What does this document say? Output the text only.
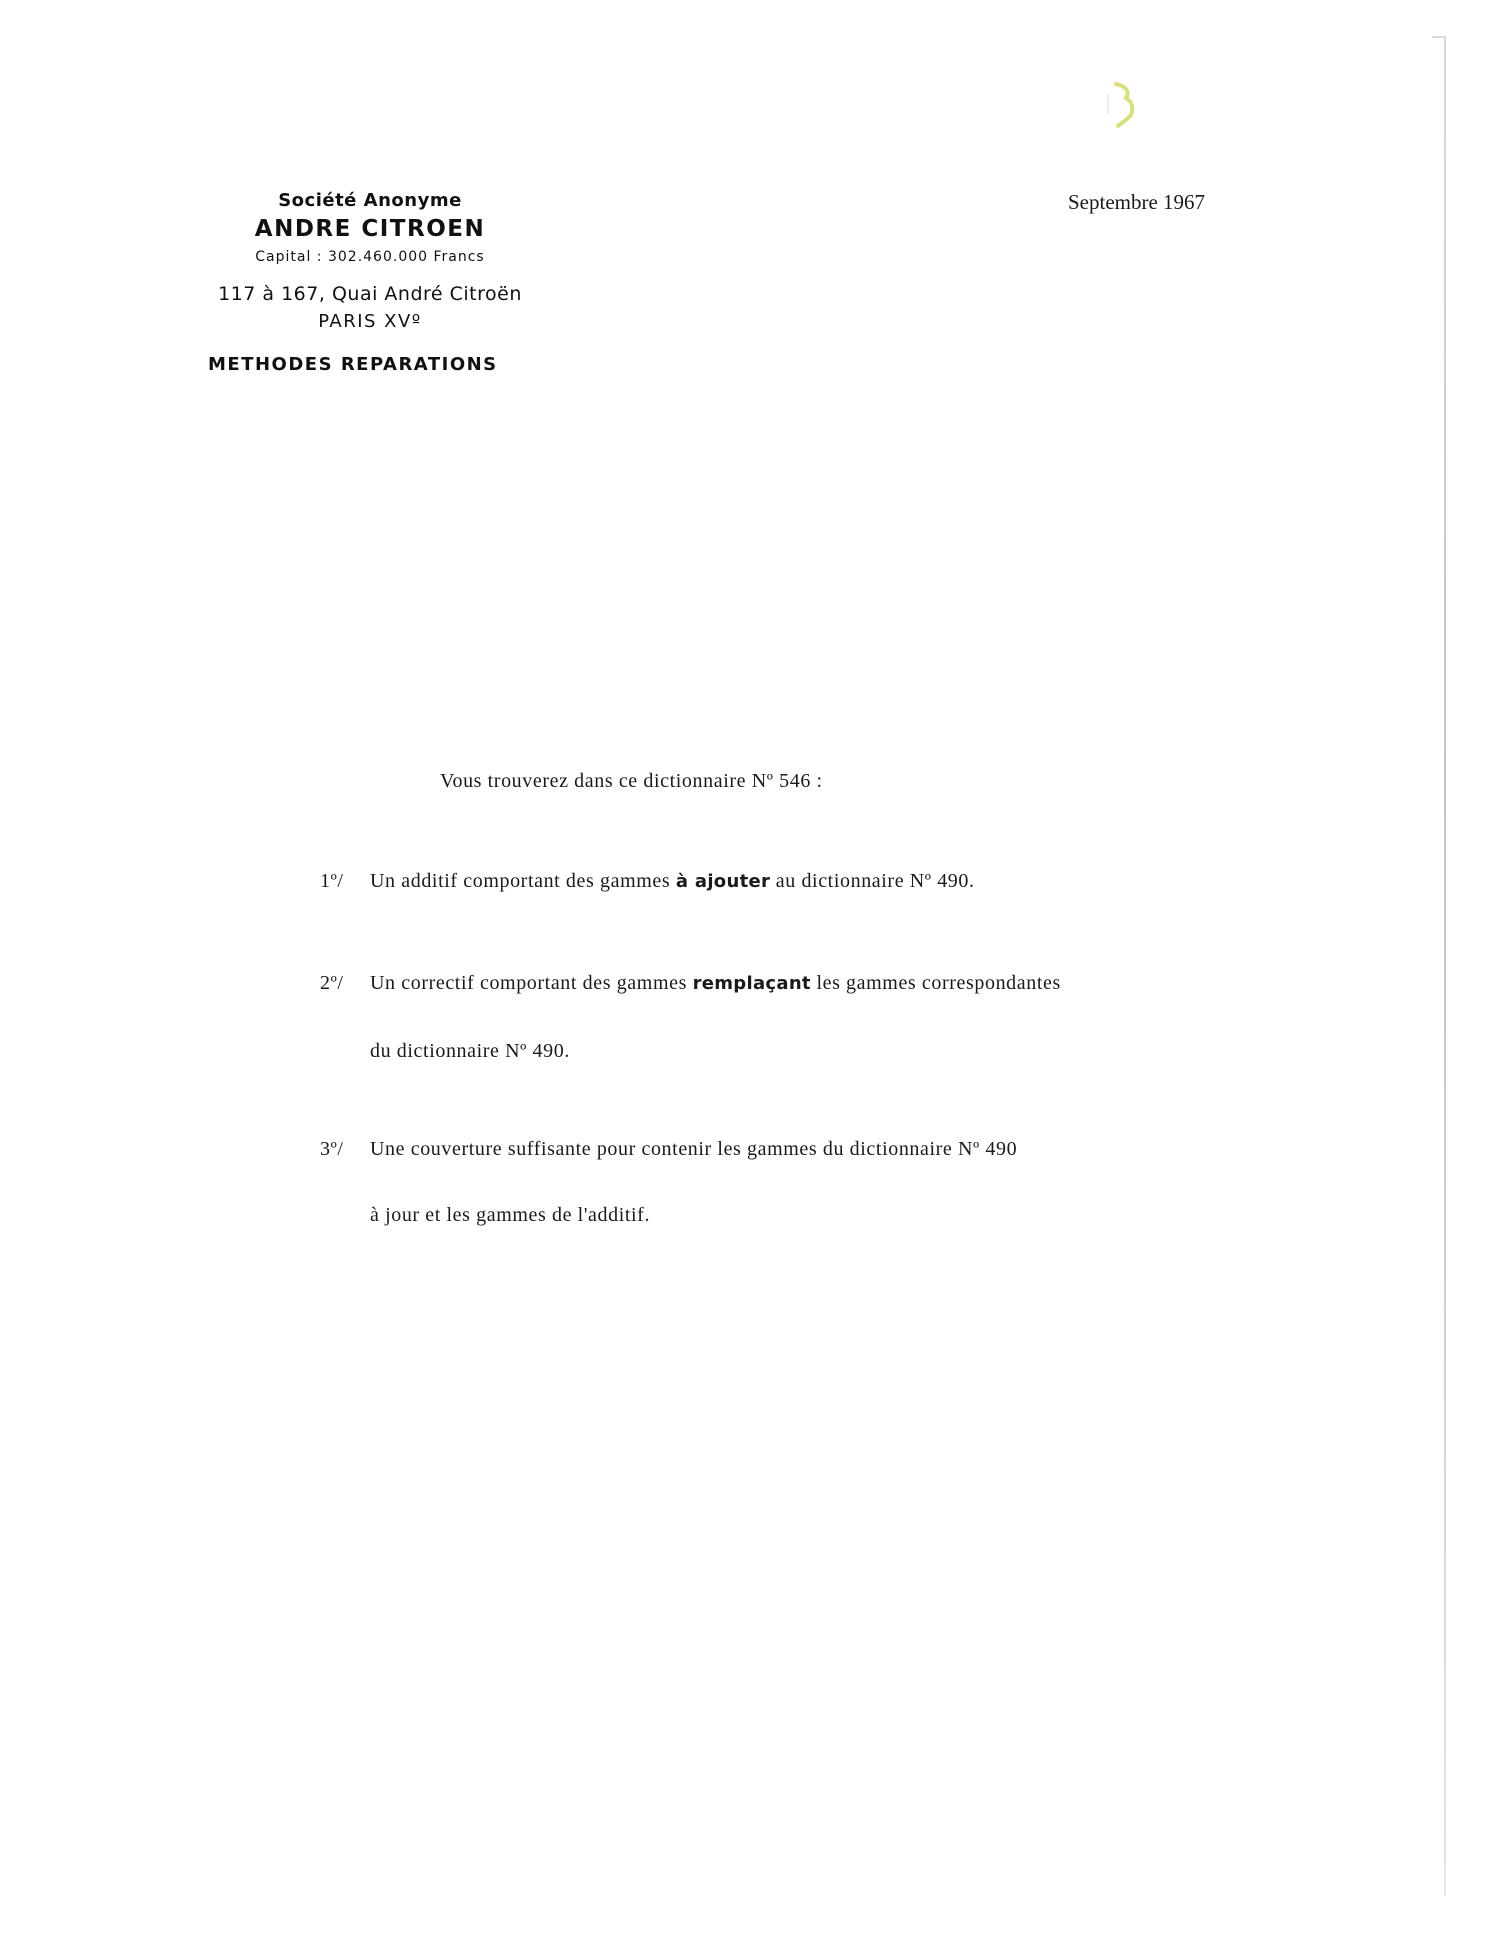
Société Anonyme
ANDRE CITROEN
Capital : 302.460.000 Francs
117 à 167, Quai André Citroën
PARIS XVº
METHODES REPARATIONS
Septembre 1967
Vous trouverez dans ce dictionnaire Nº 546 :
1º/ Un additif comportant des gammes à ajouter au dictionnaire Nº 490.
2º/ Un correctif comportant des gammes remplaçant les gammes correspondantes
du dictionnaire Nº 490.
3º/ Une couverture suffisante pour contenir les gammes du dictionnaire Nº 490
à jour et les gammes de l'additif.
